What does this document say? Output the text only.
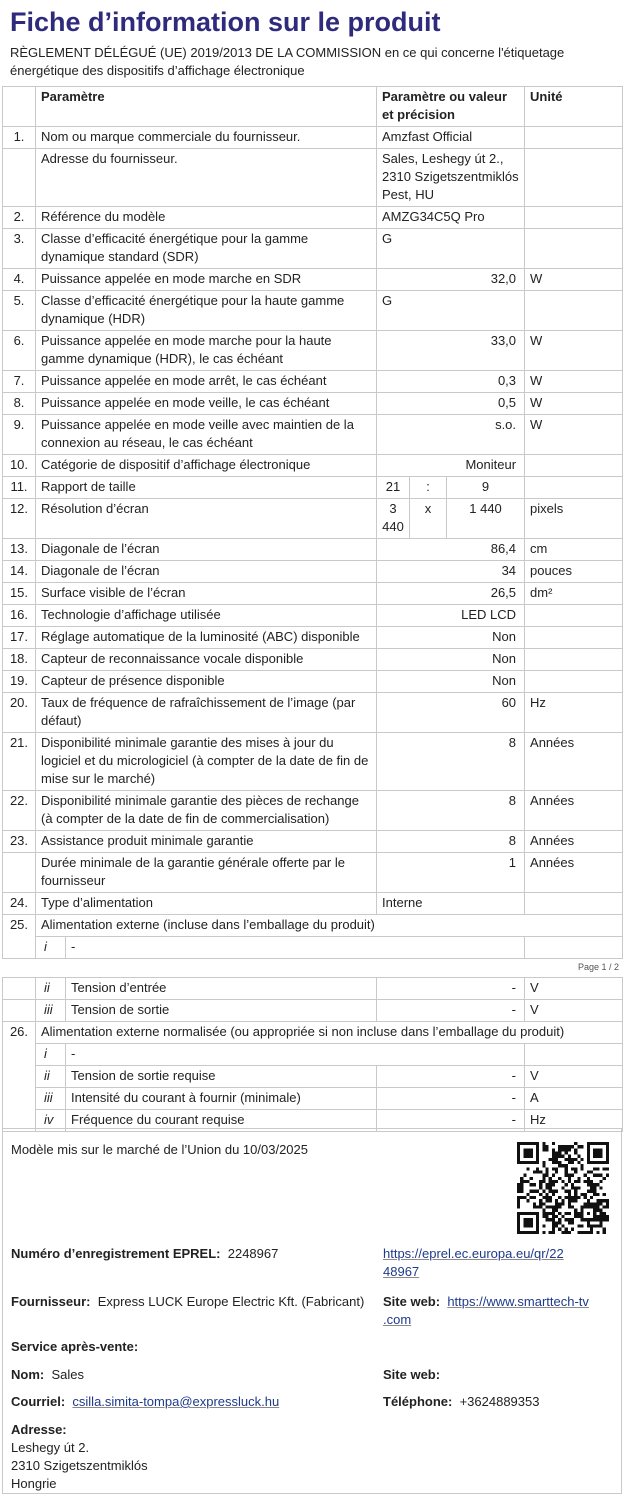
Fiche d’information sur le produit
RÈGLEMENT DÉLÉGUÉ (UE) 2019/2013 DE LA COMMISSION en ce qui concerne l'étiquetage énergétique des dispositifs d’affichage électronique
	Paramètre		Paramètre ou valeur et précision			Unité
1.	Nom ou marque commerciale du fournisseur.		Amzfast Official			
	Adresse du fournisseur.		Sales, Leshegy út 2., 2310 Szigetszentmiklós Pest, HU			
2.	Référence du modèle		AMZG34C5Q Pro			
3.	Classe d’efficacité énergétique pour la gamme dynamique standard (SDR)		G			
4.	Puissance appelée en mode marche en SDR		32,0			W
5.	Classe d’efficacité énergétique pour la haute gamme dynamique (HDR)		G			
6.	Puissance appelée en mode marche pour la haute gamme dynamique (HDR), le cas échéant		33,0			W
7.	Puissance appelée en mode arrêt, le cas échéant		0,3			W
8.	Puissance appelée en mode veille, le cas échéant		0,5			W
9.	Puissance appelée en mode veille avec maintien de la connexion au réseau, le cas échéant		s.o.			W
10.	Catégorie de dispositif d’affichage électronique		Moniteur			
11.	Rapport de taille		21	:	9	
12.	Résolution d’écran		3 440	x	1 440	pixels
13.	Diagonale de l’écran		86,4			cm
14.	Diagonale de l’écran		34			pouces
15.	Surface visible de l’écran		26,5			dm²
16.	Technologie d’affichage utilisée		LED LCD			
17.	Réglage automatique de la luminosité (ABC) disponible		Non			
18.	Capteur de reconnaissance vocale disponible		Non			
19.	Capteur de présence disponible		Non			
20.	Taux de fréquence de rafraîchissement de l’image (par défaut)		60			Hz
21.	Disponibilité minimale garantie des mises à jour du logiciel et du micrologiciel (à compter de la date de fin de mise sur le marché)		8			Années
22.	Disponibilité minimale garantie des pièces de rechange (à compter de la date de fin de commercialisation)		8			Années
23.	Assistance produit minimale garantie		8			Années
	Durée minimale de la garantie générale offerte par le fournisseur		1			Années
24.	Type d’alimentation		Interne			
25.	Alimentation externe (incluse dans l’emballage du produit)					
	i	-				
Page 1 / 2
	ii	Tension d’entrée	-	V
	iii	Tension de sortie	-	V
26.	Alimentation externe normalisée (ou appropriée si non incluse dans l’emballage du produit)			
	i	-		
	ii	Tension de sortie requise	-	V
	iii	Intensité du courant à fournir (minimale)	-	A
	iv	Fréquence du courant requise	-	Hz
Modèle mis sur le marché de l’Union du 10/03/2025
Numéro d’enregistrement EPREL: 2248967	https://eprel.ec.europa.eu/qr/22
48967
Fournisseur: Express LUCK Europe Electric Kft. (Fabricant) Site web: https://www.smarttech-tv
.com
Service après-vente:
Nom: Sales	Site web:
Courriel: csilla.simita-tompa@expressluck.hu	Téléphone: +3624889353
Adresse:
Leshegy út 2.
2310 Szigetszentmiklós
Hongrie
